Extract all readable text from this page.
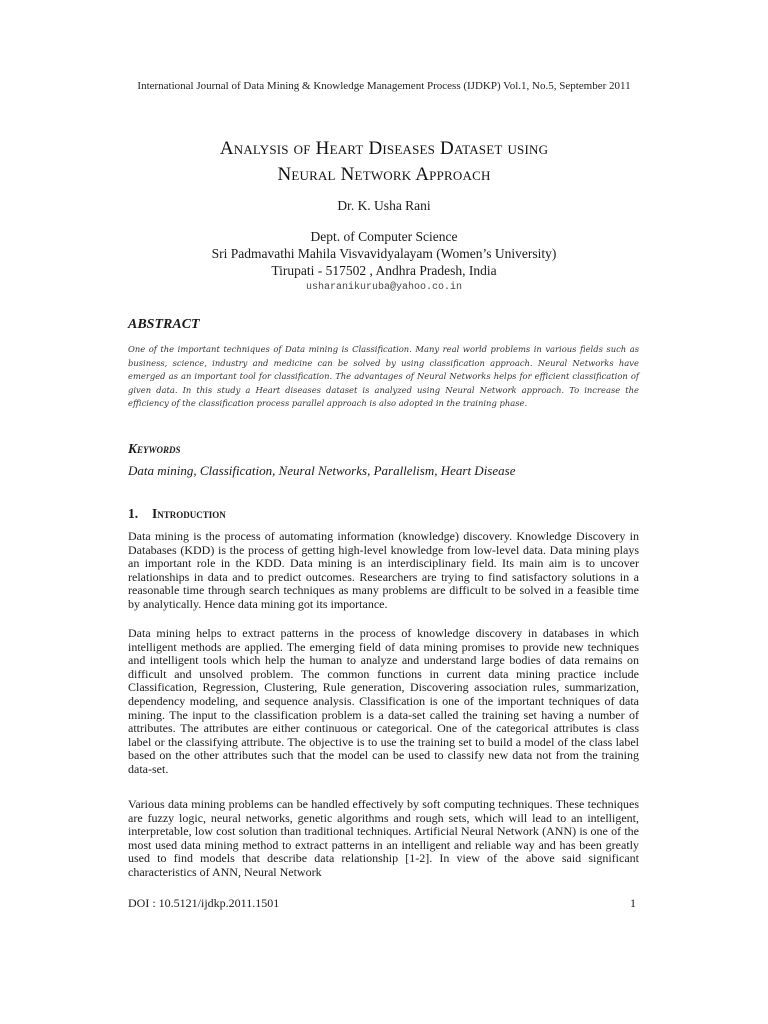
International Journal of Data Mining & Knowledge Management Process (IJDKP) Vol.1, No.5, September 2011
Analysis of Heart Diseases Dataset using
Neural Network Approach
Dr. K. Usha Rani
Dept. of Computer Science
Sri Padmavathi Mahila Visvavidyalayam (Women’s University)
Tirupati - 517502 , Andhra Pradesh, India
usharanikuruba@yahoo.co.in
ABSTRACT
One of the important techniques of Data mining is Classification. Many real world problems in various fields such as business, science, industry and medicine can be solved by using classification approach. Neural Networks have emerged as an important tool for classification. The advantages of Neural Networks helps for efficient classification of given data. In this study a Heart diseases dataset is analyzed using Neural Network approach. To increase the efficiency of the classification process parallel approach is also adopted in the training phase.
Keywords
Data mining, Classification, Neural Networks, Parallelism, Heart Disease
1. Introduction

Data mining is the process of automating information (knowledge) discovery. Knowledge Discovery in Databases (KDD) is the process of getting high-level knowledge from low-level data. Data mining plays an important role in the KDD. Data mining is an interdisciplinary field. Its main aim is to uncover relationships in data and to predict outcomes. Researchers are trying to find satisfactory solutions in a reasonable time through search techniques as many problems are difficult to be solved in a feasible time by analytically. Hence data mining got its importance.

Data mining helps to extract patterns in the process of knowledge discovery in databases in which intelligent methods are applied. The emerging field of data mining promises to provide new techniques and intelligent tools which help the human to analyze and understand large bodies of data remains on difficult and unsolved problem. The common functions in current data mining practice include Classification, Regression, Clustering, Rule generation, Discovering association rules, summarization, dependency modeling, and sequence analysis. Classification is one of the important techniques of data mining. The input to the classification problem is a data-set called the training set having a number of attributes. The attributes are either continuous or categorical. One of the categorical attributes is class label or the classifying attribute. The objective is to use the training set to build a model of the class label based on the other attributes such that the model can be used to classify new data not from the training data-set.

Various data mining problems can be handled effectively by soft computing techniques. These techniques are fuzzy logic, neural networks, genetic algorithms and rough sets, which will lead to an intelligent, interpretable, low cost solution than traditional techniques. Artificial Neural Network (ANN) is one of the most used data mining method to extract patterns in an intelligent and reliable way and has been greatly used to find models that describe data relationship [1-2]. In view of the above said significant characteristics of ANN, Neural Network

DOI : 10.5121/ijdkp.2011.1501	1
